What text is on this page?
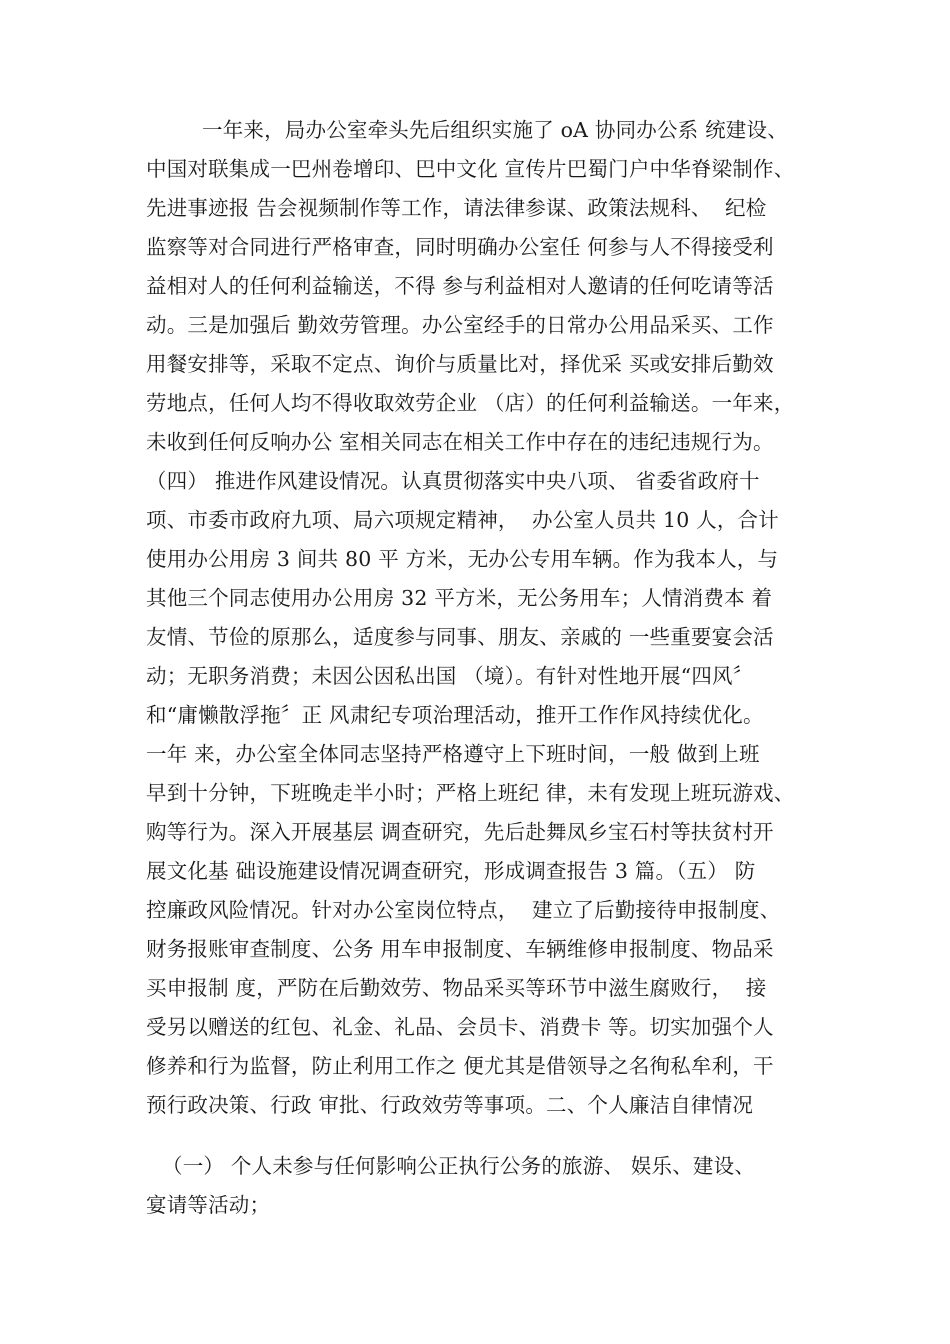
一年来，局办公室牵头先后组织实施了 oA 协同办公系 统建设、
中国对联集成一巴州卷增印、巴中文化 宣传片巴蜀门户中华脊梁制作、
先进事迹报 告会视频制作等工作，请法律参谋、政策法规科、  纪检
监察等对合同进行严格审查，同时明确办公室任 何参与人不得接受利
益相对人的任何利益输送，不得 参与利益相对人邀请的任何吃请等活
动。三是加强后 勤效劳管理。办公室经手的日常办公用品采买、工作
用餐安排等，采取不定点、询价与质量比对，择优采 买或安排后勤效
劳地点，任何人均不得收取效劳企业 （店）的任何利益输送。一年来，
未收到任何反响办公 室相关同志在相关工作中存在的违纪违规行为。
（四） 推进作风建设情况。认真贯彻落实中央八项、 省委省政府十
项、市委市政府九项、局六项规定精神，  办公室人员共 10 人，合计
使用办公用房 3 间共 80 平 方米，无办公专用车辆。作为我本人，与
其他三个同志使用办公用房 32 平方米，无公务用车；人情消费本 着
友情、节俭的原那么，适度参与同事、朋友、亲戚的 一些重要宴会活
动；无职务消费；未因公因私出国 （境）。有针对性地开展“四风〞
和“庸懒散浮拖〞正 风肃纪专项治理活动，推开工作作风持续优化。
一年 来，办公室全体同志坚持严格遵守上下班时间，一般 做到上班
早到十分钟，下班晚走半小时；严格上班纪 律，未有发现上班玩游戏、
购等行为。深入开展基层 调查研究，先后赴舞凤乡宝石村等扶贫村开
展文化基 础设施建设情况调查研究，形成调查报告 3 篇。（五） 防
控廉政风险情况。针对办公室岗位特点，  建立了后勤接待申报制度、
财务报账审查制度、公务 用车申报制度、车辆维修申报制度、物品采
买申报制 度，严防在后勤效劳、物品采买等环节中滋生腐败行，  接
受另以赠送的红包、礼金、礼品、会员卡、消费卡 等。切实加强个人
修养和行为监督，防止利用工作之 便尤其是借领导之名徇私牟利，干
预行政决策、行政 审批、行政效劳等事项。二、个人廉洁自律情况
（一） 个人未参与任何影响公正执行公务的旅游、 娱乐、建设、
宴请等活动；
